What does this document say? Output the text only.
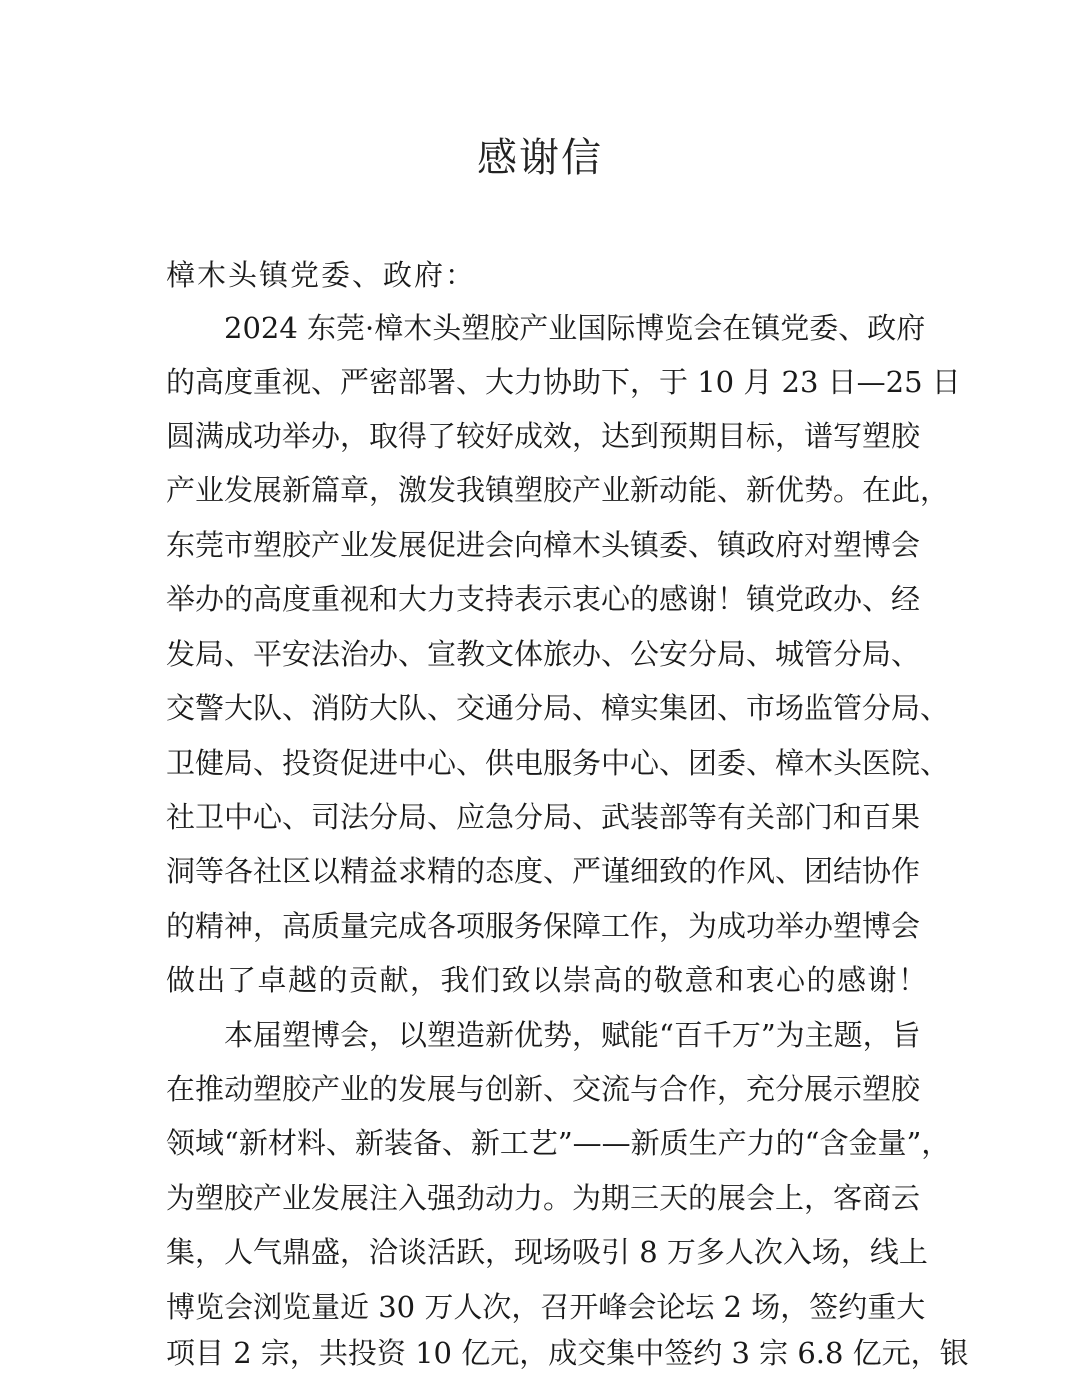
感谢信
樟木头镇党委、政府：
2024 东莞·樟木头塑胶产业国际博览会在镇党委、政府
的高度重视、严密部署、大力协助下，于 10 月 23 日—25 日
圆满成功举办，取得了较好成效，达到预期目标，谱写塑胶
产业发展新篇章，激发我镇塑胶产业新动能、新优势。在此，
东莞市塑胶产业发展促进会向樟木头镇委、镇政府对塑博会
举办的高度重视和大力支持表示衷心的感谢！镇党政办、经
发局、平安法治办、宣教文体旅办、公安分局、城管分局、
交警大队、消防大队、交通分局、樟实集团、市场监管分局、
卫健局、投资促进中心、供电服务中心、团委、樟木头医院、
社卫中心、司法分局、应急分局、武装部等有关部门和百果
洞等各社区以精益求精的态度、严谨细致的作风、团结协作
的精神，高质量完成各项服务保障工作，为成功举办塑博会
做出了卓越的贡献，我们致以崇高的敬意和衷心的感谢！
本届塑博会，以塑造新优势，赋能“百千万”为主题，旨
在推动塑胶产业的发展与创新、交流与合作，充分展示塑胶
领域“新材料、新装备、新工艺”——新质生产力的“含金量”，
为塑胶产业发展注入强劲动力。为期三天的展会上，客商云
集，人气鼎盛，洽谈活跃，现场吸引 8 万多人次入场，线上
博览会浏览量近 30 万人次，召开峰会论坛 2 场，签约重大
项目 2 宗，共投资 10 亿元，成交集中签约 3 宗 6.8 亿元，银
